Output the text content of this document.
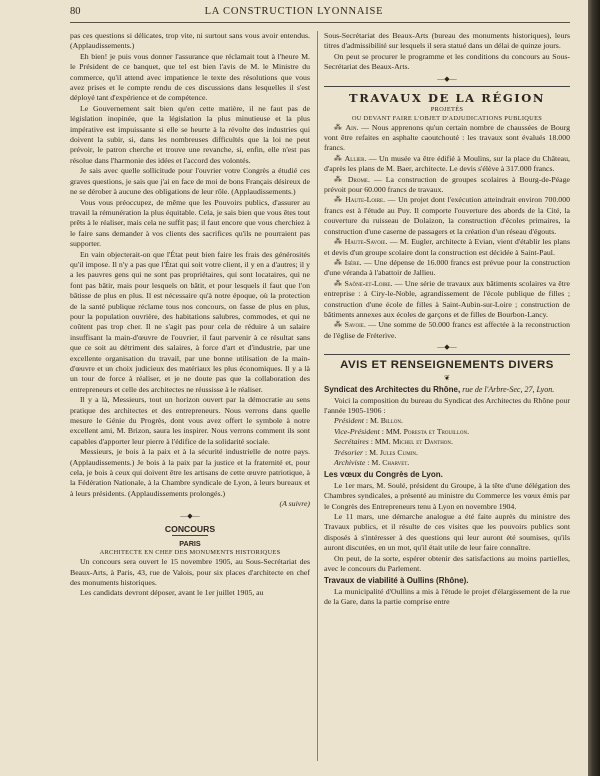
80	LA CONSTRUCTION LYONNAISE

pas ces questions si délicates, trop vite, ni surtout sans vous avoir entendus. (Applaudissements.)

Eh bien! je puis vous donner l'assurance que réclamait tout à l'heure M. le Président de ce banquet, que tel est bien l'avis de M. le Ministre du commerce, qu'il attend avec impatience le texte des résolutions que vous avez prises et le compte rendu de ces discussions dans lesquelles il s'est déployé tant d'expérience et de compétence.

Le Gouvernement sait bien qu'en cette matière, il ne faut pas de législation inopinée, que la législation la plus minutieuse et la plus impérative est impuissante si elle se heurte à la révolte des industries qui doivent la subir, si, dans les nombreuses difficultés que la loi ne peut prévoir, le patron cherche et trouve une revanche, si, enfin, elle n'est pas résolue dans l'harmonie des idées et l'accord des volontés.

Je sais avec quelle sollicitude pour l'ouvrier votre Congrès a étudié ces graves questions, je sais que j'ai en face de moi de bons Français désireux de ne se dérober à aucune des obligations de leur rôle. (Applaudissements.)

Vous vous préoccupez, de même que les Pouvoirs publics, d'assurer au travail la rémunération la plus équitable. Cela, je sais bien que vous êtes tout prêts à le réaliser, mais cela ne suffit pas; il faut encore que vous cherchiez à le faire sans demander à vos clients des sacrifices qu'ils ne pourraient pas supporter.

En vain objecterait-on que l'État peut bien faire les frais des générosités qu'il impose. Il n'y a pas que l'État qui soit votre client, il y en a d'autres; il y a les pauvres gens qui ne sont pas propriétaires, qui sont locataires, qui ne font pas bâtir, mais pour lesquels on bâtit, et pour lesquels il faut que l'on bâtisse de plus en plus. Il est nécessaire qu'à notre époque, où la protection de la santé publique réclame tous nos concours, on fasse de plus en plus, pour la population ouvrière, des habitations salubres, commodes, et qui ne coûtent pas trop cher. Il ne s'agit pas pour cela de réduire à un salaire insuffisant la main-d'œuvre de l'ouvrier, il faut parvenir à ce résultat sans que ce soit au détriment des salaires, à force d'art et d'industrie, par une excellente organisation du travail, par une bonne utilisation de la main-d'œuvre et un choix judicieux des matériaux les plus économiques. Il y a là un tour de force à réaliser, et je ne doute pas que la collaboration des entrepreneurs et celle des architectes ne réussisse à le réaliser.

Il y a là, Messieurs, tout un horizon ouvert par la démocratie au sens pratique des architectes et des entrepreneurs. Nous verrons dans quelle mesure le Génie du Progrès, dont vous avez offert le symbole à notre excellent ami, M. Brizon, saura les inspirer. Nous verrons comment ils sont capables d'apporter leur pierre à l'édifice de la solidarité sociale.

Messieurs, je bois à la paix et à la sécurité industrielle de notre pays. (Applaudissements.) Je bois à la paix par la justice et la fraternité et, pour cela, je bois à ceux qui doivent être les artisans de cette œuvre patriotique, à la Fédération Nationale, à la Chambre syndicale de Lyon, à leurs bureaux et à leurs présidents. (Applaudissements prolongés.)

(A suivre)

—◆—
CONCOURS
PARIS

ARCHITECTE EN CHEF DES MONUMENTS HISTORIQUES

Un concours sera ouvert le 15 novembre 1905, au Sous-Secrétariat des Beaux-Arts, à Paris, 43, rue de Valois, pour six places d'architecte en chef des monuments historiques.

Les candidats devront déposer, avant le 1er juillet 1905, au

Sous-Secrétariat des Beaux-Arts (bureau des monuments historiques), leurs titres d'admissibilité sur lesquels il sera statué dans un délai de quinze jours.

On peut se procurer le programme et les conditions du concours au Sous-Secrétariat des Beaux-Arts.

—◆—
TRAVAUX DE LA RÉGION

PROJETÉS

OU DEVANT FAIRE L'OBJET D'ADJUDICATIONS PUBLIQUES

⁂ Ain. — Nous apprenons qu'un certain nombre de chaussées de Bourg vont être refaites en asphalte caoutchouté : les travaux sont évalués 18.000 francs.

⁂ Allier. — Un musée va être édifié à Moulins, sur la place du Château, d'après les plans de M. Baer, architecte. Le devis s'élève à 317.000 francs.

⁂ Drome. — La construction de groupes scolaires à Bourg-de-Péage prévoit pour 60.000 francs de travaux.

⁂ Haute-Loire. — Un projet dont l'exécution atteindrait environ 700.000 francs est à l'étude au Puy. Il comporte l'ouverture des abords de la Cité, la couverture du ruisseau de Dolaizon, la construction d'écoles primaires, la construction d'une caserne de passagers et la création d'un réseau d'égouts.

⁂ Haute-Savoie. — M. Eugler, architecte à Evian, vient d'établir les plans et devis d'un groupe scolaire dont la construction est décidée à Saint-Paul.

⁂ Isère. — Une dépense de 16.000 francs est prévue pour la construction d'une véranda à l'abattoir de Jallieu.

⁂ Saône-et-Loire. — Une série de travaux aux bâtiments scolaires va être entreprise : à Ciry-le-Noble, agrandissement de l'école publique de filles ; construction d'une école de filles à Saint-Aubin-sur-Loire ; construction de bâtiments annexes aux écoles de garçons et de filles de Bourbon-Lancy.

⁂ Savoie. — Une somme de 50.000 francs est affectée à la reconstruction de l'église de Fréterive.

—◆—
AVIS ET RENSEIGNEMENTS DIVERS
❦

Syndicat des Architectes du Rhône, rue de l'Arbre-Sec, 27, Lyon.

Voici la composition du bureau du Syndicat des Architectes du Rhône pour l'année 1905-1906 :

Président : M. Billon.

Vice-Président : MM. Poresta et Trouillon.

Secrétaires : MM. Michel et Danthon.

Trésorier : M. Jules Cumin.

Archiviste : M. Charvet.

Les vœux du Congrès de Lyon.

Le 1er mars, M. Soulé, président du Groupe, à la tête d'une délégation des Chambres syndicales, a présenté au ministre du Commerce les vœux émis par le Congrès des Entrepreneurs tenu à Lyon en novembre 1904.

Le 11 mars, une démarche analogue a été faite auprès du ministre des Travaux publics, et il résulte de ces visites que les pouvoirs publics sont disposés à s'intéresser à des questions qui leur auront été soumises, qu'ils auront discutées, en un mot, qu'il était utile de leur faire connaître.

On peut, de la sorte, espérer obtenir des satisfactions au moins partielles, avec le concours du Parlement.

Travaux de viabilité à Oullins (Rhône).

La municipalité d'Oullins a mis à l'étude le projet d'élargissement de la rue de la Gare, dans la partie comprise entre
